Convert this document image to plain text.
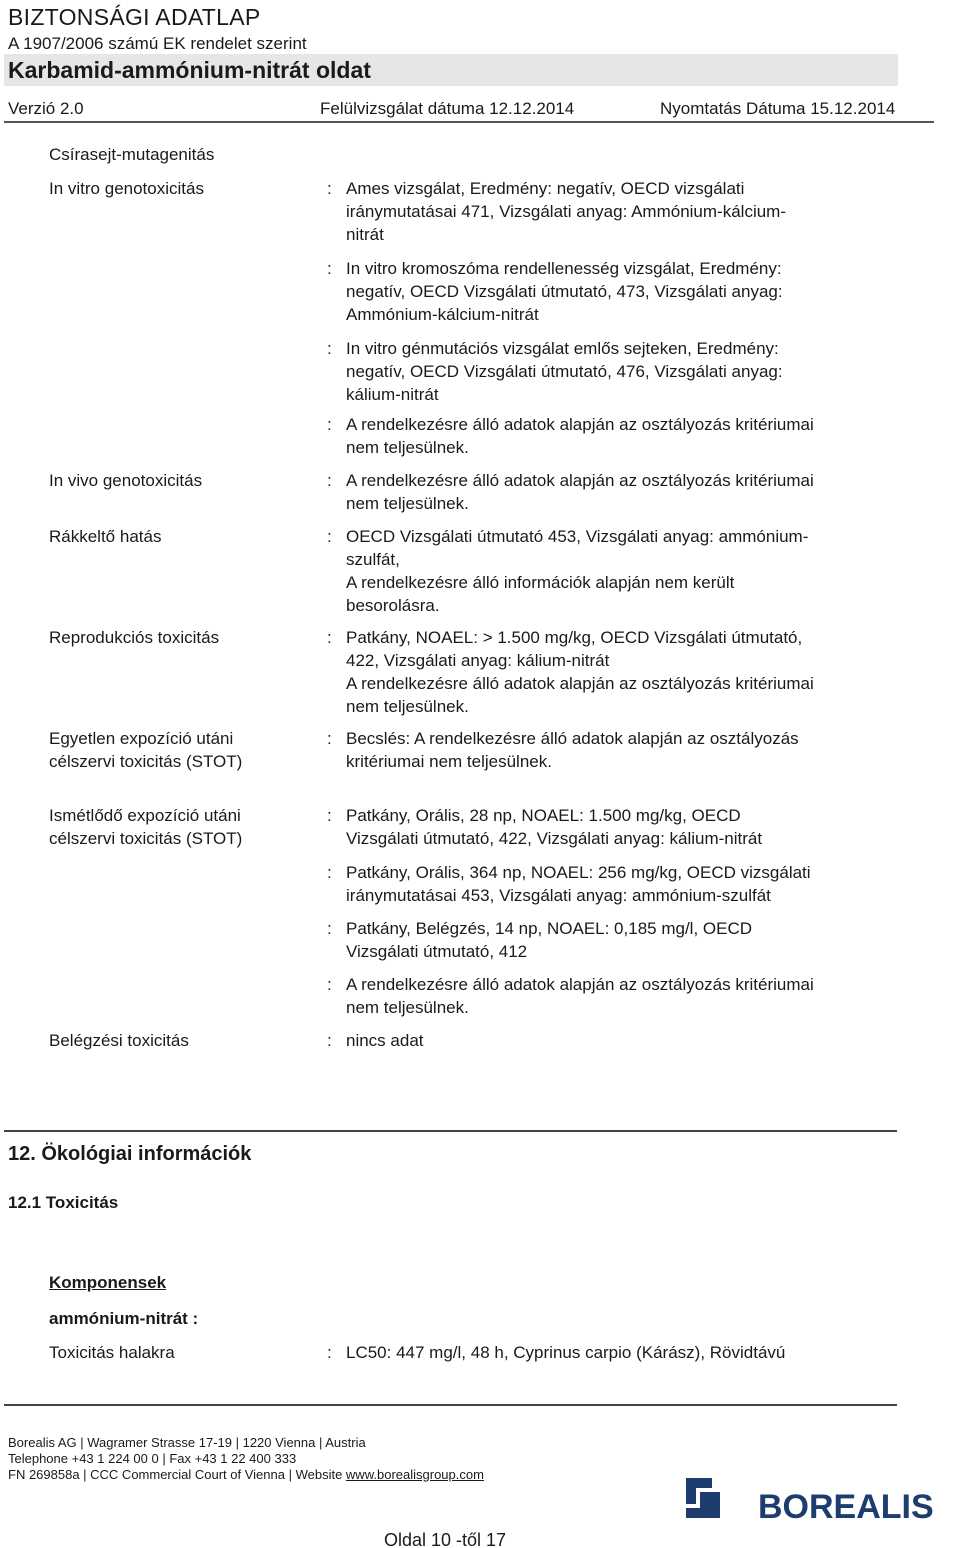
BIZTONSÁGI ADATLAP
A 1907/2006 számú EK rendelet szerint
Karbamid-ammónium-nitrát oldat
Verzió 2.0	Felülvizsgálat dátuma 12.12.2014	Nyomtatás Dátuma 15.12.2014
Csírasejt-mutagenitás
In vitro genotoxicitás	: Ames vizsgálat, Eredmény: negatív, OECD vizsgálati
iránymutatásai 471, Vizsgálati anyag: Ammónium-kálcium-
nitrát
: In vitro kromoszóma rendellenesség vizsgálat, Eredmény:
negatív, OECD Vizsgálati útmutató, 473, Vizsgálati anyag:
Ammónium-kálcium-nitrát
: In vitro génmutációs vizsgálat emlős sejteken, Eredmény:
negatív, OECD Vizsgálati útmutató, 476, Vizsgálati anyag:
kálium-nitrát
: A rendelkezésre álló adatok alapján az osztályozás kritériumai
nem teljesülnek.
In vivo genotoxicitás	: A rendelkezésre álló adatok alapján az osztályozás kritériumai
nem teljesülnek.
Rákkeltő hatás	: OECD Vizsgálati útmutató 453, Vizsgálati anyag: ammónium-
szulfát,
A rendelkezésre álló információk alapján nem került
besorolásra.
Reprodukciós toxicitás	: Patkány, NOAEL: > 1.500 mg/kg, OECD Vizsgálati útmutató,
422, Vizsgálati anyag: kálium-nitrát
A rendelkezésre álló adatok alapján az osztályozás kritériumai
nem teljesülnek.
Egyetlen expozíció utáni
célszervi toxicitás (STOT)
: Becslés: A rendelkezésre álló adatok alapján az osztályozás
kritériumai nem teljesülnek.
Ismétlődő expozíció utáni
célszervi toxicitás (STOT)
: Patkány, Orális, 28 np, NOAEL: 1.500 mg/kg, OECD
Vizsgálati útmutató, 422, Vizsgálati anyag: kálium-nitrát
: Patkány, Orális, 364 np, NOAEL: 256 mg/kg, OECD vizsgálati
iránymutatásai 453, Vizsgálati anyag: ammónium-szulfát
: Patkány, Belégzés, 14 np, NOAEL: 0,185 mg/l, OECD
Vizsgálati útmutató, 412
: A rendelkezésre álló adatok alapján az osztályozás kritériumai
nem teljesülnek.
Belégzési toxicitás	: nincs adat
12. Ökológiai információk
12.1 Toxicitás
Komponensek
ammónium-nitrát :
Toxicitás halakra	: LC50: 447 mg/l, 48 h, Cyprinus carpio (Kárász), Rövidtávú
Borealis AG | Wagramer Strasse 17-19 | 1220 Vienna | Austria
Telephone +43 1 224 00 0 | Fax +43 1 22 400 333
FN 269858a | CCC Commercial Court of Vienna | Website www.borealisgroup.com
BOREALIS
Oldal 10 -től 17
